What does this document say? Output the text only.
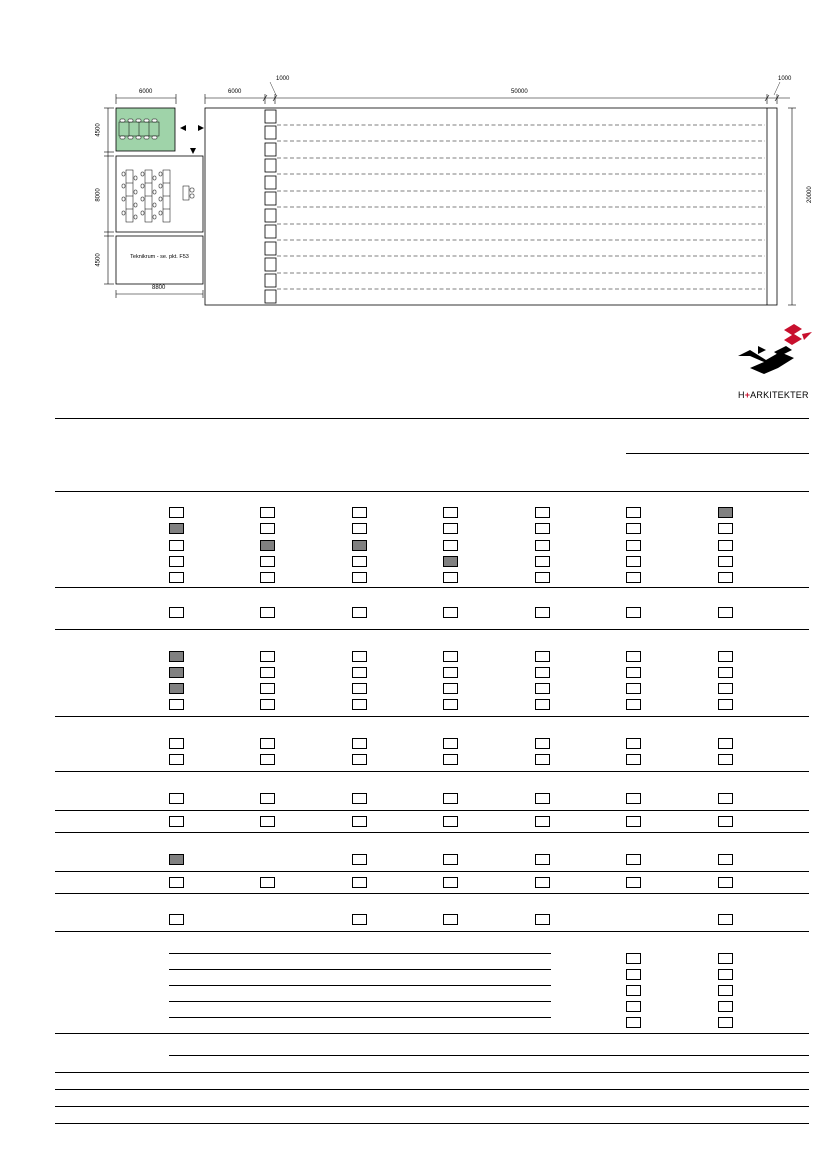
6000	6000
1000
50000
1000
4500
8000
4500
8800
20000
Teknikrum - se. pkt. F53
H+ARKITEKTER
